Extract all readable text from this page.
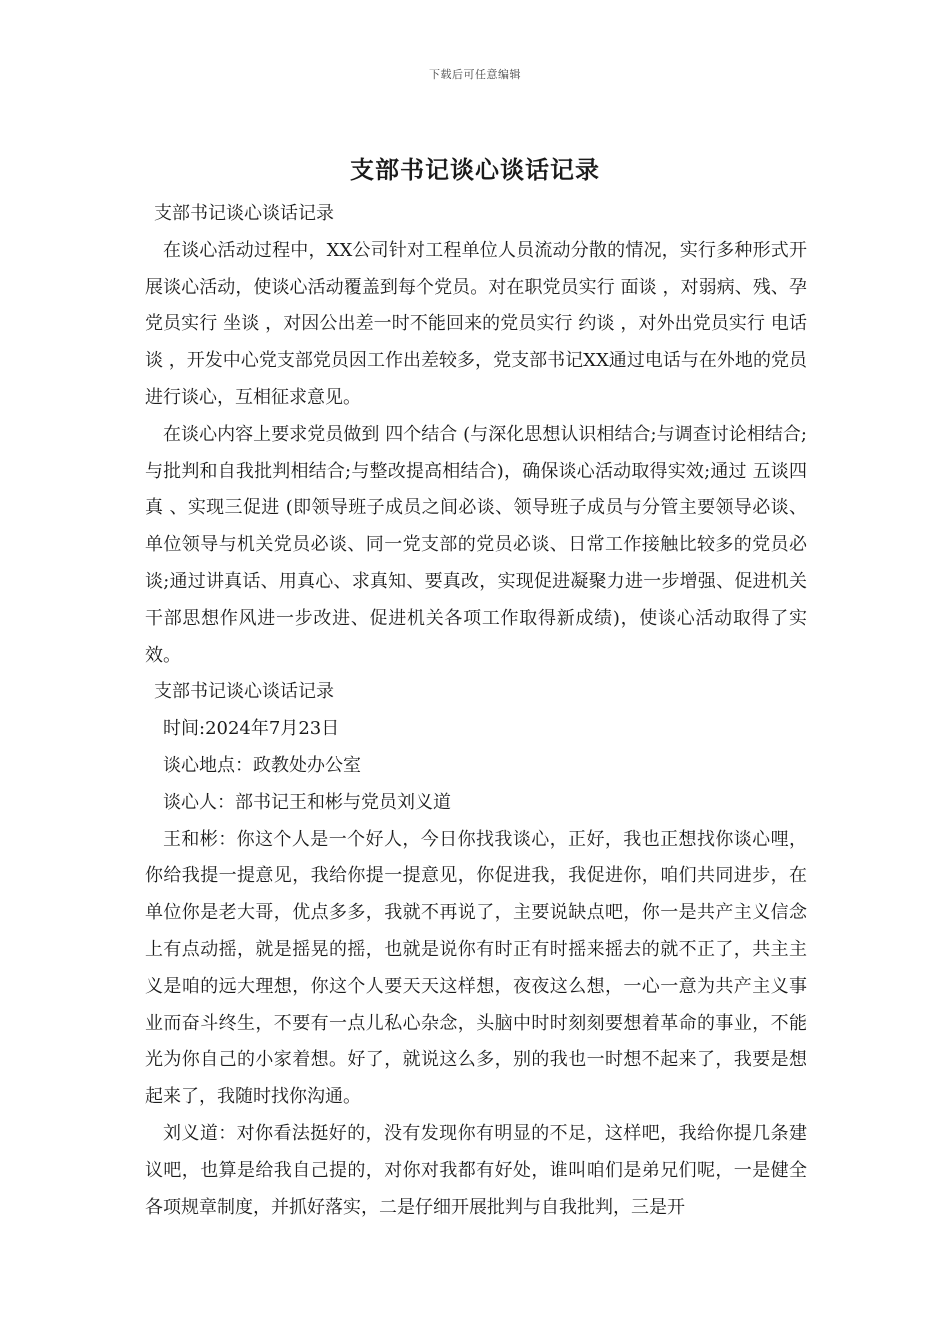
下载后可任意编辑
支部书记谈心谈话记录

支部书记谈心谈话记录

在谈心活动过程中，XX公司针对工程单位人员流动分散的情况，实行多种形式开展谈心活动，使谈心活动覆盖到每个党员。对在职党员实行 面谈 ，对弱病、残、孕党员实行 坐谈 ，对因公出差一时不能回来的党员实行 约谈 ，对外出党员实行 电话谈 ，开发中心党支部党员因工作出差较多，党支部书记XX通过电话与在外地的党员进行谈心，互相征求意见。

在谈心内容上要求党员做到 四个结合 (与深化思想认识相结合;与调查讨论相结合;与批判和自我批判相结合;与整改提高相结合)，确保谈心活动取得实效;通过 五谈四真 、实现三促进 (即领导班子成员之间必谈、领导班子成员与分管主要领导必谈、单位领导与机关党员必谈、同一党支部的党员必谈、日常工作接触比较多的党员必谈;通过讲真话、用真心、求真知、要真改，实现促进凝聚力进一步增强、促进机关干部思想作风进一步改进、促进机关各项工作取得新成绩)，使谈心活动取得了实效。

支部书记谈心谈话记录

时间:2024年7月23日

谈心地点：政教处办公室

谈心人：部书记王和彬与党员刘义道

王和彬：你这个人是一个好人，今日你找我谈心，正好，我也正想找你谈心哩，你给我提一提意见，我给你提一提意见，你促进我，我促进你，咱们共同进步，在单位你是老大哥，优点多多，我就不再说了，主要说缺点吧，你一是共产主义信念上有点动摇，就是摇晃的摇，也就是说你有时正有时摇来摇去的就不正了，共主主义是咱的远大理想，你这个人要天天这样想，夜夜这么想，一心一意为共产主义事业而奋斗终生，不要有一点儿私心杂念，头脑中时时刻刻要想着革命的事业，不能光为你自己的小家着想。好了，就说这么多，别的我也一时想不起来了，我要是想起来了，我随时找你沟通。

刘义道：对你看法挺好的，没有发现你有明显的不足，这样吧，我给你提几条建议吧，也算是给我自己提的，对你对我都有好处，谁叫咱们是弟兄们呢，一是健全各项规章制度，并抓好落实，二是仔细开展批判与自我批判，三是开
